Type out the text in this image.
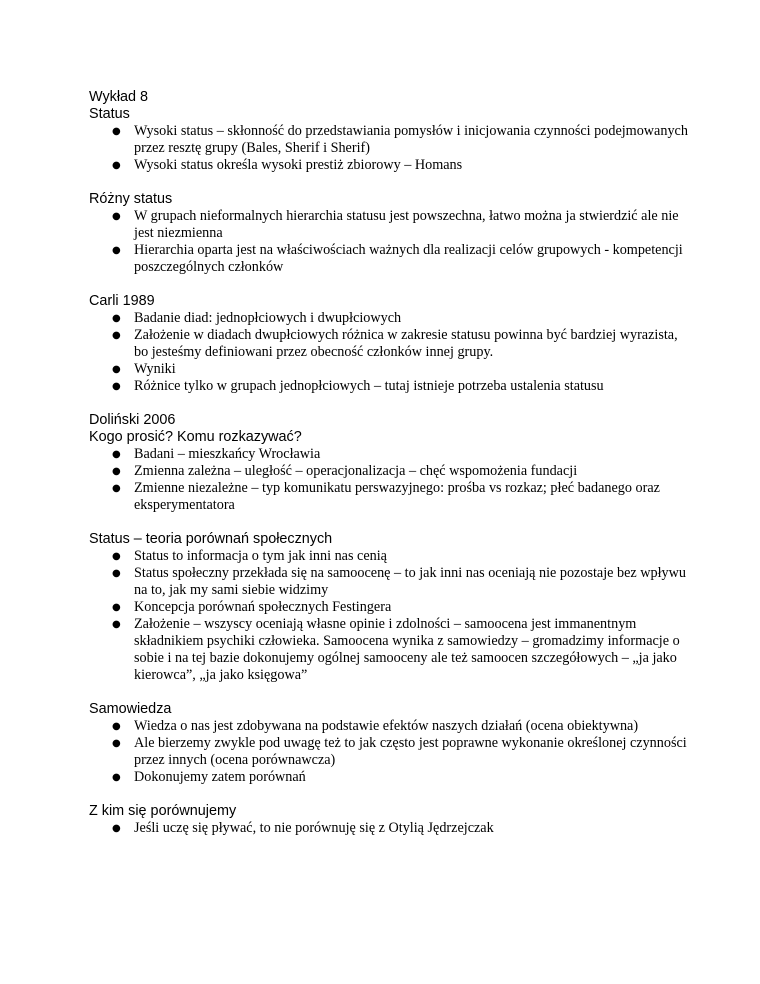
Wykład 8

Status

● Wysoki status – skłonność do przedstawiania pomysłów i inicjowania czynności podejmowanych przez resztę grupy (Bales, Sherif i Sherif)
● Wysoki status określa wysoki prestiż zbiorowy – Homans

Różny status

● W grupach nieformalnych hierarchia statusu jest powszechna, łatwo można ja stwierdzić ale nie jest niezmienna
● Hierarchia oparta jest na właściwościach ważnych dla realizacji celów grupowych - kompetencji poszczególnych członków

Carli 1989

● Badanie diad: jednopłciowych i dwupłciowych
● Założenie w diadach dwupłciowych różnica w zakresie statusu powinna być bardziej wyrazista, bo jesteśmy definiowani przez obecność członków innej grupy.
● Wyniki
● Różnice tylko w grupach jednopłciowych – tutaj istnieje potrzeba ustalenia statusu

Doliński 2006

Kogo prosić? Komu rozkazywać?

● Badani – mieszkańcy Wrocławia
● Zmienna zależna – uległość – operacjonalizacja – chęć wspomożenia fundacji
● Zmienne niezależne – typ komunikatu perswazyjnego: prośba vs rozkaz; płeć badanego oraz eksperymentatora

Status – teoria porównań społecznych

● Status to informacja o tym jak inni nas cenią
● Status społeczny przekłada się na samoocenę – to jak inni nas oceniają nie pozostaje bez wpływu na to, jak my sami siebie widzimy
● Koncepcja porównań społecznych Festingera
● Założenie – wszyscy oceniają własne opinie i zdolności – samoocena jest immanentnym składnikiem psychiki człowieka. Samoocena wynika z samowiedzy – gromadzimy informacje o sobie i na tej bazie dokonujemy ogólnej samooceny ale też samoocen szczegółowych – „ja jako kierowca”, „ja jako księgowa”

Samowiedza

● Wiedza o nas jest zdobywana na podstawie efektów naszych działań (ocena obiektywna)
● Ale bierzemy zwykle pod uwagę też to jak często jest poprawne wykonanie określonej czynności przez innych (ocena porównawcza)
● Dokonujemy zatem porównań

Z kim się porównujemy

● Jeśli uczę się pływać, to nie porównuję się z Otylią Jędrzejczak
